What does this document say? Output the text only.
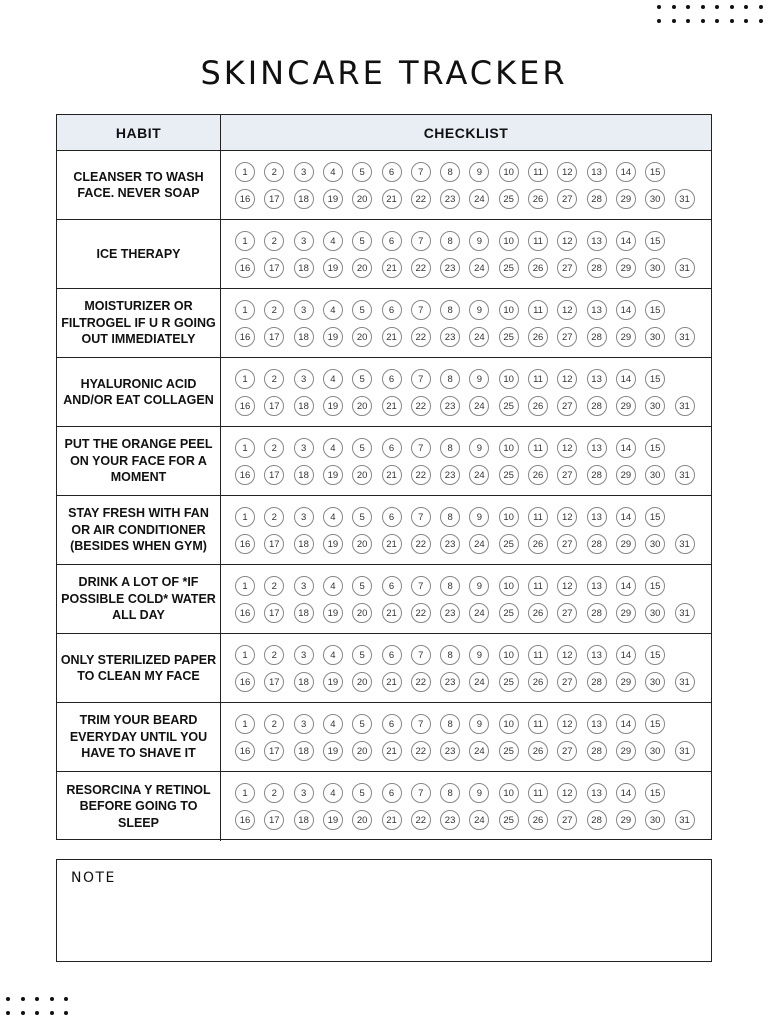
SKINCARE TRACKER
HABIT	CHECKLIST
CLEANSER TO WASH FACE. NEVER SOAP
1	2	3	4	5	6	7	8	9	10	11	12	13	14	15
16	17	18	19	20	21	22	23	24	25	26	27	28	29	30	31
ICE THERAPY
1	2	3	4	5	6	7	8	9	10	11	12	13	14	15
16	17	18	19	20	21	22	23	24	25	26	27	28	29	30	31
MOISTURIZER OR FILTROGEL IF U R GOING OUT IMMEDIATELY
1	2	3	4	5	6	7	8	9	10	11	12	13	14	15
16	17	18	19	20	21	22	23	24	25	26	27	28	29	30	31
HYALURONIC ACID AND/OR EAT COLLAGEN
1	2	3	4	5	6	7	8	9	10	11	12	13	14	15
16	17	18	19	20	21	22	23	24	25	26	27	28	29	30	31
PUT THE ORANGE PEEL ON YOUR FACE FOR A MOMENT
1	2	3	4	5	6	7	8	9	10	11	12	13	14	15
16	17	18	19	20	21	22	23	24	25	26	27	28	29	30	31
STAY FRESH WITH FAN OR AIR CONDITIONER (BESIDES WHEN GYM)
1	2	3	4	5	6	7	8	9	10	11	12	13	14	15
16	17	18	19	20	21	22	23	24	25	26	27	28	29	30	31
DRINK A LOT OF *IF POSSIBLE COLD* WATER ALL DAY
1	2	3	4	5	6	7	8	9	10	11	12	13	14	15
16	17	18	19	20	21	22	23	24	25	26	27	28	29	30	31
ONLY STERILIZED PAPER TO CLEAN MY FACE
1	2	3	4	5	6	7	8	9	10	11	12	13	14	15
16	17	18	19	20	21	22	23	24	25	26	27	28	29	30	31
TRIM YOUR BEARD EVERYDAY UNTIL YOU HAVE TO SHAVE IT
1	2	3	4	5	6	7	8	9	10	11	12	13	14	15
16	17	18	19	20	21	22	23	24	25	26	27	28	29	30	31
RESORCINA Y RETINOL BEFORE GOING TO SLEEP
1	2	3	4	5	6	7	8	9	10	11	12	13	14	15
16	17	18	19	20	21	22	23	24	25	26	27	28	29	30	31
NOTE
